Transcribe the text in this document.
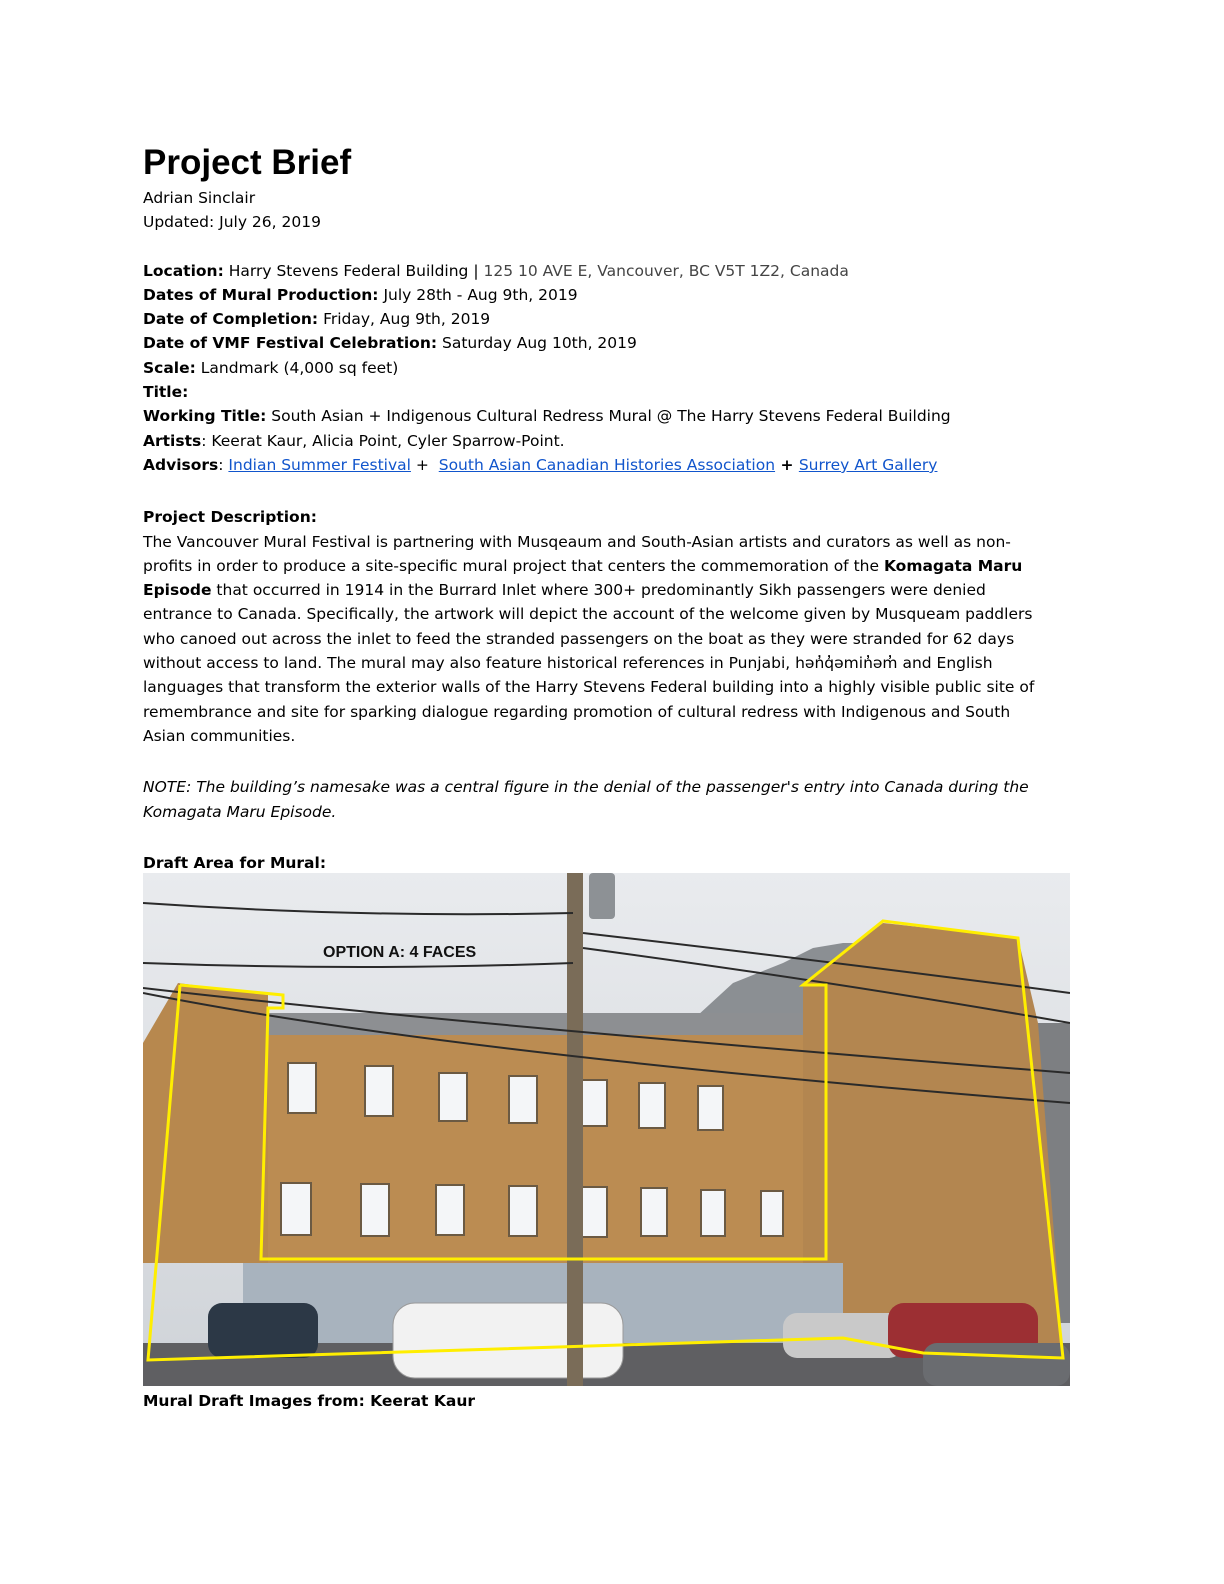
Project Brief

Adrian Sinclair

Updated: July 26, 2019

Location: Harry Stevens Federal Building | 125 10 AVE E, Vancouver, BC V5T 1Z2, Canada

Dates of Mural Production: July 28th - Aug 9th, 2019

Date of Completion: Friday, Aug 9th, 2019

Date of VMF Festival Celebration: Saturday Aug 10th, 2019

Scale: Landmark (4,000 sq feet)

Title:

Working Title: South Asian + Indigenous Cultural Redress Mural @ The Harry Stevens Federal Building

Artists: Keerat Kaur, Alicia Point, Cyler Sparrow-Point.

Advisors: Indian Summer Festival +  South Asian Canadian Histories Association + Surrey Art Gallery

Project Description:

The Vancouver Mural Festival is partnering with Musqeaum and South-Asian artists and curators as well as non-
profits in order to produce a site-specific mural project that centers the commemoration of the Komagata Maru
Episode that occurred in 1914 in the Burrard Inlet where 300+ predominantly Sikh passengers were denied
entrance to Canada. Specifically, the artwork will depict the account of the welcome given by Musqueam paddlers
who canoed out across the inlet to feed the stranded passengers on the boat as they were stranded for 62 days
without access to land. The mural may also feature historical references in Punjabi, hən̓q̓əmin̓əm̓ and English
languages that transform the exterior walls of the Harry Stevens Federal building into a highly visible public site of
remembrance and site for sparking dialogue regarding promotion of cultural redress with Indigenous and South
Asian communities.
NOTE: The building’s namesake was a central figure in the denial of the passenger's entry into Canada during the
Komagata Maru Episode.

Draft Area for Mural:

OPTION A: 4 FACES

Mural Draft Images from: Keerat Kaur
